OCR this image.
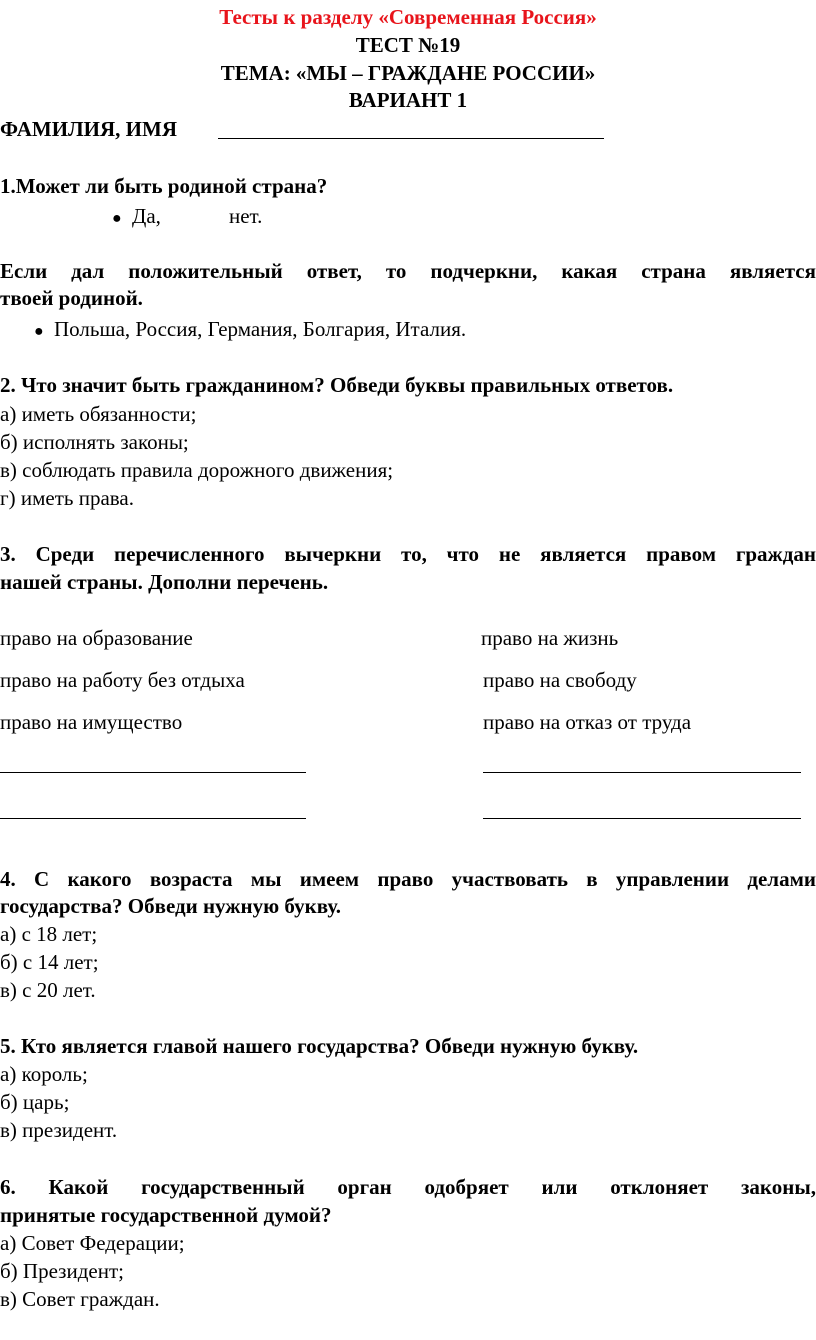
Тесты к разделу «Современная Россия»
ТЕСТ №19
ТЕМА: «МЫ – ГРАЖДАНЕ РОССИИ»
ВАРИАНТ 1
ФАМИЛИЯ, ИМЯ
1.Может ли быть родиной страна?
● Да,	нет.
Если дал положительный ответ, то подчеркни, какая страна является
твоей родиной.
● Польша, Россия, Германия, Болгария, Италия.
2. Что значит быть гражданином? Обведи буквы правильных ответов.
а) иметь обязанности;
б) исполнять законы;
в) соблюдать правила дорожного движения;
г) иметь права.
3. Среди перечисленного вычеркни то, что не является правом граждан
нашей страны. Дополни перечень.
право на образование	право на жизнь
право на работу без отдыха	право на свободу
право на имущество	право на отказ от труда
4. С какого возраста мы имеем право участвовать в управлении делами
государства? Обведи нужную букву.
а) с 18 лет;
б) с 14 лет;
в) с 20 лет.
5. Кто является главой нашего государства? Обведи нужную букву.
а) король;
б) царь;
в) президент.
6. Какой государственный орган одобряет или отклоняет законы,
принятые государственной думой?
а) Совет Федерации;
б) Президент;
в) Совет граждан.
